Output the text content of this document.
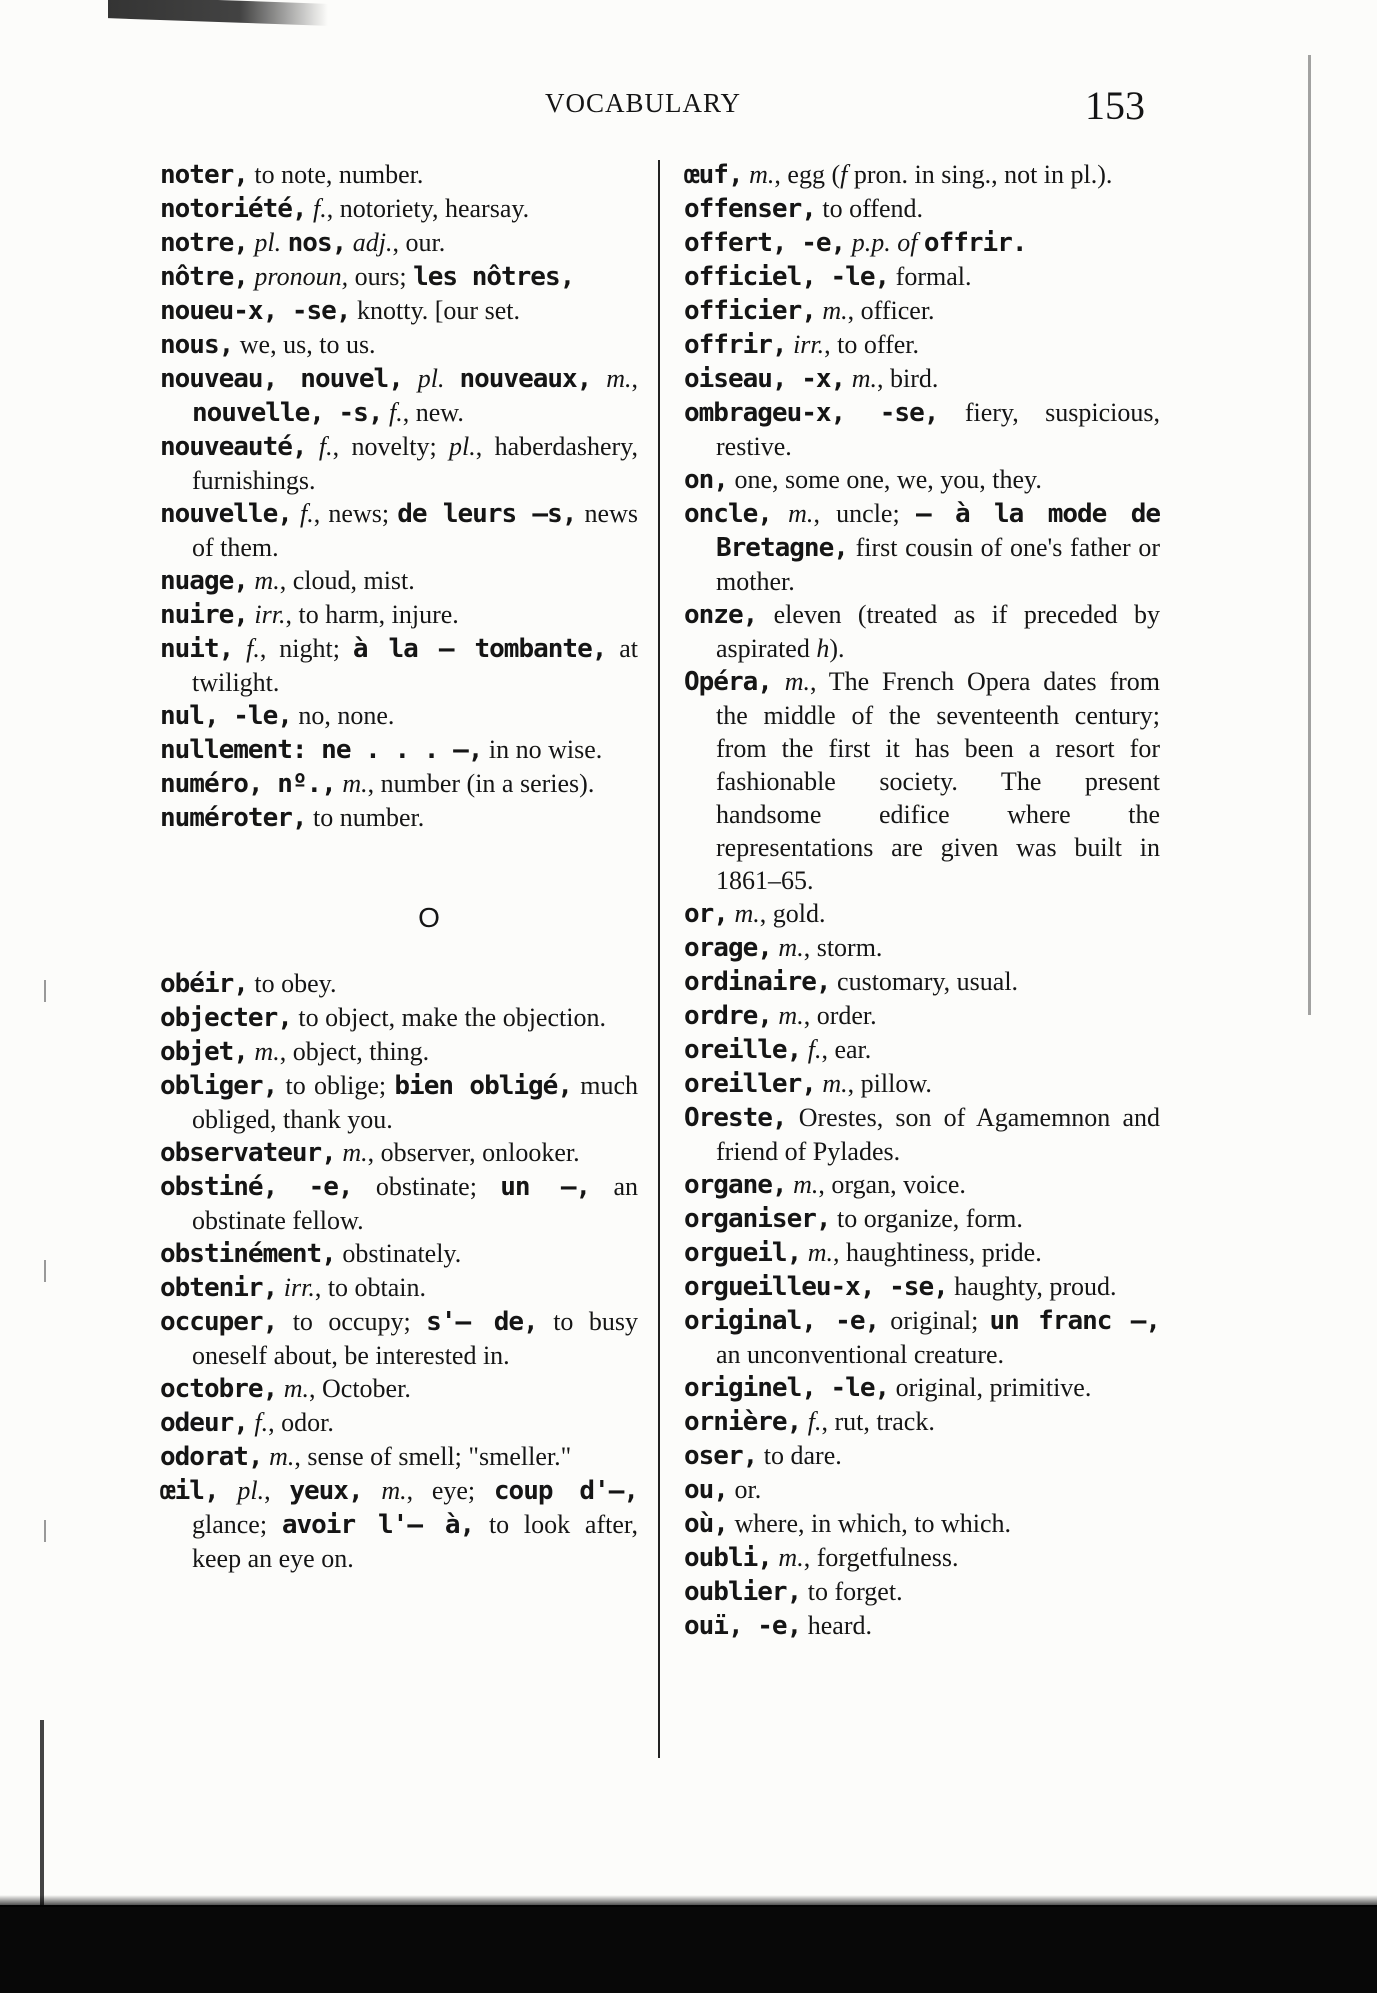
VOCABULARY	153

noter, to note, number.

notoriété, f., notoriety, hearsay.

notre, pl. nos, adj., our.

nôtre, pronoun, ours; les nôtres,

noueu-x, -se, knotty. [our set.

nous, we, us, to us.

nouveau, nouvel, pl. nouveaux, m., nouvelle, -s, f., new.

nouveauté, f., novelty; pl., haberdashery, furnishings.

nouvelle, f., news; de leurs —s, news of them.

nuage, m., cloud, mist.

nuire, irr., to harm, injure.

nuit, f., night; à la — tombante, at twilight.

nul, -le, no, none.

nullement: ne . . . —, in no wise.

numéro, nº., m., number (in a series).

numéroter, to number.

O

obéir, to obey.

objecter, to object, make the objection.

objet, m., object, thing.

obliger, to oblige; bien obligé, much obliged, thank you.

observateur, m., observer, onlooker.

obstiné, -e, obstinate; un —, an obstinate fellow.

obstinément, obstinately.

obtenir, irr., to obtain.

occuper, to occupy; s'— de, to busy oneself about, be interested in.

octobre, m., October.

odeur, f., odor.

odorat, m., sense of smell; "smeller."

œil, pl., yeux, m., eye; coup d'—, glance; avoir l'— à, to look after, keep an eye on.

œuf, m., egg (f pron. in sing., not in pl.).

offenser, to offend.

offert, -e, p.p. of offrir.

officiel, -le, formal.

officier, m., officer.

offrir, irr., to offer.

oiseau, -x, m., bird.

ombrageu-x, -se, fiery, suspicious, restive.

on, one, some one, we, you, they.

oncle, m., uncle; — à la mode de Bretagne, first cousin of one's father or mother.

onze, eleven (treated as if preceded by aspirated h).

Opéra, m., The French Opera dates from the middle of the seventeenth century; from the first it has been a resort for fashionable society. The present handsome edifice where the representations are given was built in 1861–65.

or, m., gold.

orage, m., storm.

ordinaire, customary, usual.

ordre, m., order.

oreille, f., ear.

oreiller, m., pillow.

Oreste, Orestes, son of Agamemnon and friend of Pylades.

organe, m., organ, voice.

organiser, to organize, form.

orgueil, m., haughtiness, pride.

orgueilleu-x, -se, haughty, proud.

original, -e, original; un franc —, an unconventional creature.

originel, -le, original, primitive.

ornière, f., rut, track.

oser, to dare.

ou, or.

où, where, in which, to which.

oubli, m., forgetfulness.

oublier, to forget.

ouï, -e, heard.
